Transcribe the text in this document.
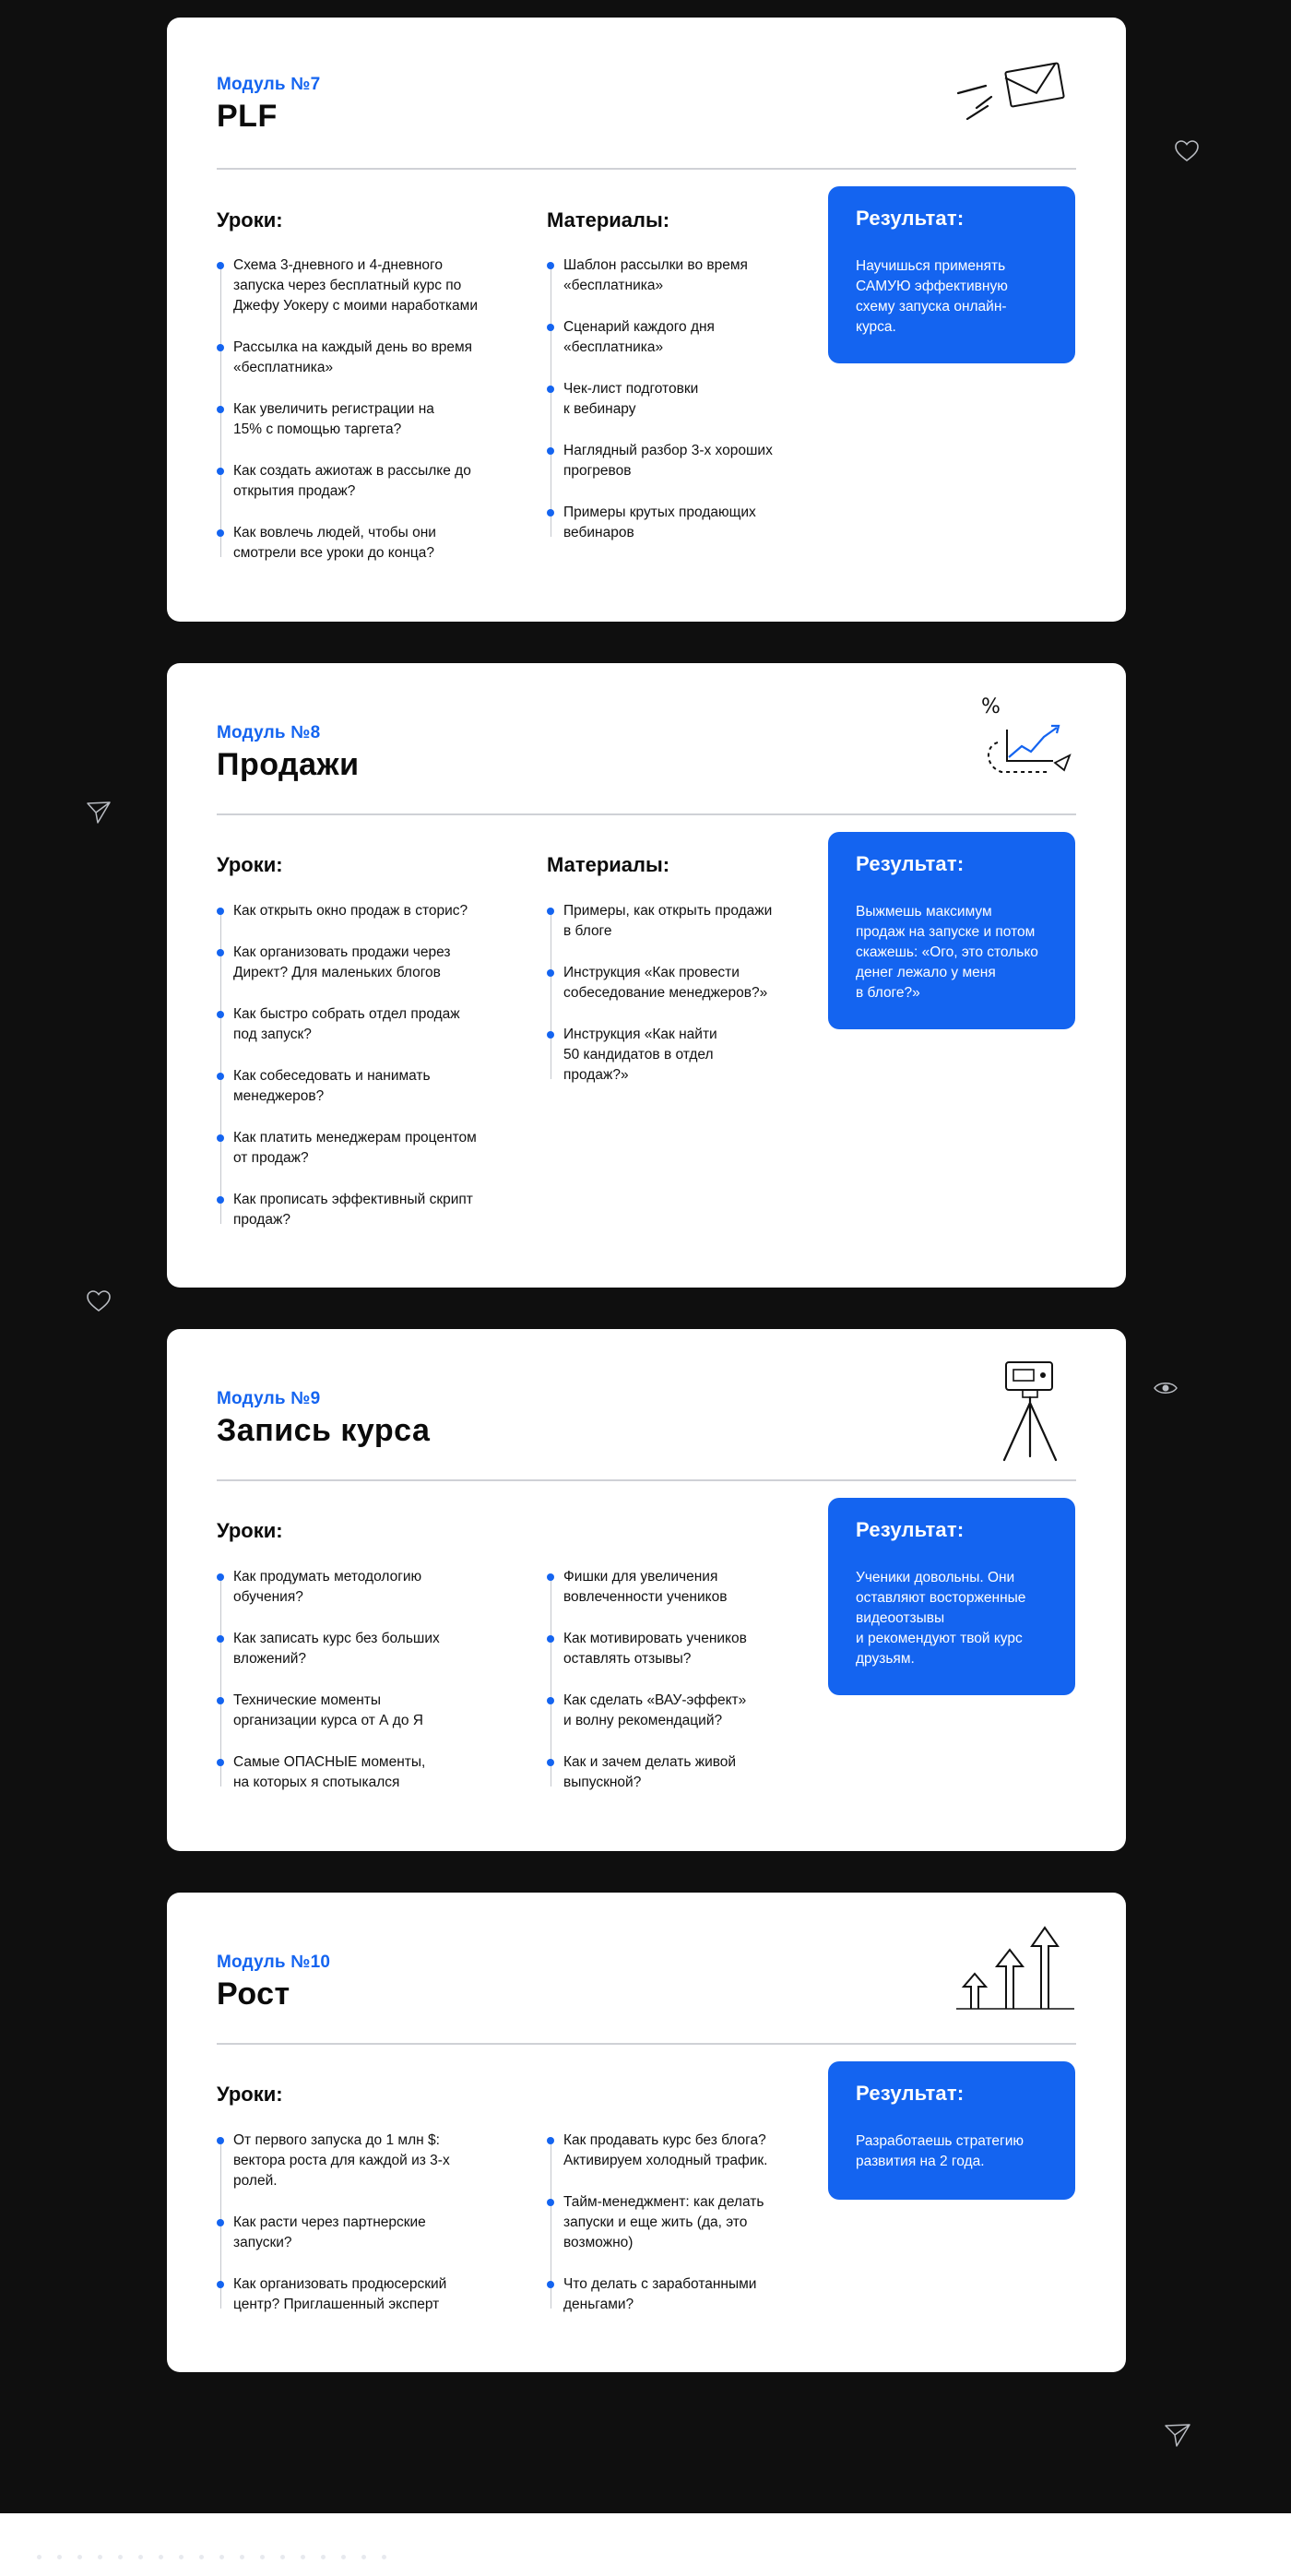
Модуль №7
PLF
Уроки:
Схема 3-дневного и 4-дневного
запуска через бесплатный курс по
Джефу Уокеру с моими наработками
Рассылка на каждый день во время
«бесплатника»
Как увеличить регистрации на
15% с помощью таргета?
Как создать ажиотаж в рассылке до
открытия продаж?
Как вовлечь людей, чтобы они
смотрели все уроки до конца?
Материалы:
Шаблон рассылки во время
«бесплатника»
Сценарий каждого дня
«бесплатника»
Чек-лист подготовки
к вебинару
Наглядный разбор 3-х хороших
прогревов
Примеры крутых продающих
вебинаров
Результат:

Научишься применять
САМУЮ эффективную
схему запуска онлайн-
курса.

Модуль №8
Продажи
%
Уроки:
Как открыть окно продаж в сторис?
Как организовать продажи через
Директ? Для маленьких блогов
Как быстро собрать отдел продаж
под запуск?
Как собеседовать и нанимать
менеджеров?
Как платить менеджерам процентом
от продаж?
Как прописать эффективный скрипт
продаж?
Материалы:
Примеры, как открыть продажи
в блоге
Инструкция «Как провести
собеседование менеджеров?»
Инструкция «Как найти
50 кандидатов в отдел
продаж?»
Результат:

Выжмешь максимум
продаж на запуске и потом
скажешь: «Ого, это столько
денег лежало у меня
в блоге?»

Модуль №9
Запись курса
Уроки:
Как продумать методологию
обучения?
Как записать курс без больших
вложений?
Технические моменты
организации курса от А до Я
Самые ОПАСНЫЕ моменты,
на которых я спотыкался
Фишки для увеличения
вовлеченности учеников
Как мотивировать учеников
оставлять отзывы?
Как сделать «ВАУ-эффект»
и волну рекомендаций?
Как и зачем делать живой
выпускной?
Результат:

Ученики довольны. Они
оставляют восторженные
видеоотзывы
и рекомендуют твой курс
друзьям.

Модуль №10
Рост
Уроки:
От первого запуска до 1 млн $:
вектора роста для каждой из 3-х
ролей.
Как расти через партнерские
запуски?
Как организовать продюсерский
центр? Приглашенный эксперт
Как продавать курс без блога?
Активируем холодный трафик.
Тайм-менеджмент: как делать
запуски и еще жить (да, это
возможно)
Что делать с заработанными
деньгами?
Результат:

Разработаешь стратегию
развития на 2 года.
